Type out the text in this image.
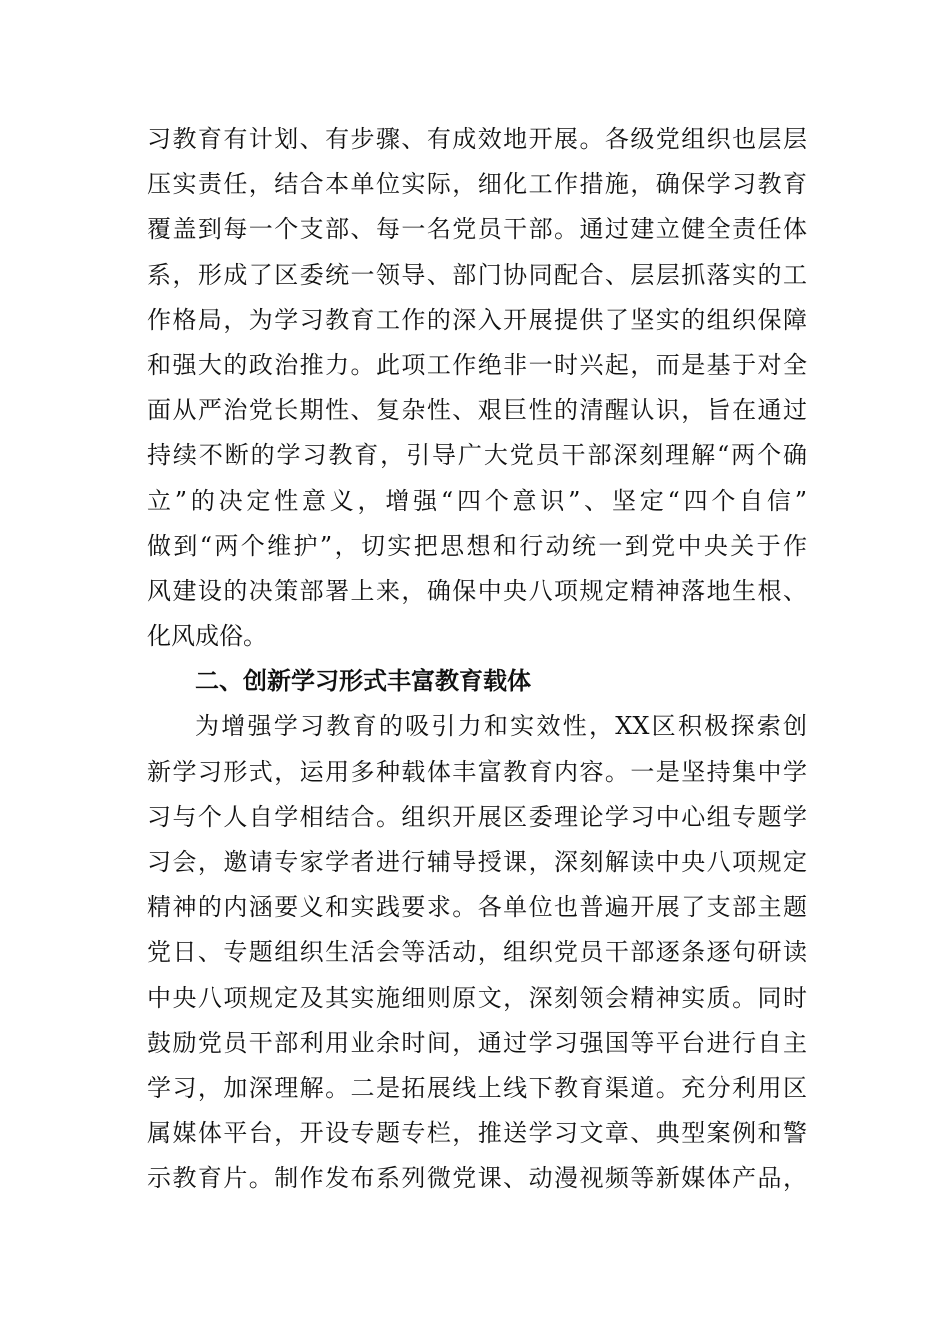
习教育有计划、有步骤、有成效地开展。各级党组织也层层
压实责任，结合本单位实际，细化工作措施，确保学习教育
覆盖到每一个支部、每一名党员干部。通过建立健全责任体
系，形成了区委统一领导、部门协同配合、层层抓落实的工
作格局，为学习教育工作的深入开展提供了坚实的组织保障
和强大的政治推力。此项工作绝非一时兴起，而是基于对全
面从严治党长期性、复杂性、艰巨性的清醒认识，旨在通过
持续不断的学习教育，引导广大党员干部深刻理解“两个确
立”的决定性意义，增强“四个意识”、坚定“四个自信”
做到“两个维护”，切实把思想和行动统一到党中央关于作
风建设的决策部署上来，确保中央八项规定精神落地生根、
化风成俗。
二、创新学习形式丰富教育载体
为增强学习教育的吸引力和实效性，XX区积极探索创
新学习形式，运用多种载体丰富教育内容。一是坚持集中学
习与个人自学相结合。组织开展区委理论学习中心组专题学
习会，邀请专家学者进行辅导授课，深刻解读中央八项规定
精神的内涵要义和实践要求。各单位也普遍开展了支部主题
党日、专题组织生活会等活动，组织党员干部逐条逐句研读
中央八项规定及其实施细则原文，深刻领会精神实质。同时
鼓励党员干部利用业余时间，通过学习强国等平台进行自主
学习，加深理解。二是拓展线上线下教育渠道。充分利用区
属媒体平台，开设专题专栏，推送学习文章、典型案例和警
示教育片。制作发布系列微党课、动漫视频等新媒体产品，
